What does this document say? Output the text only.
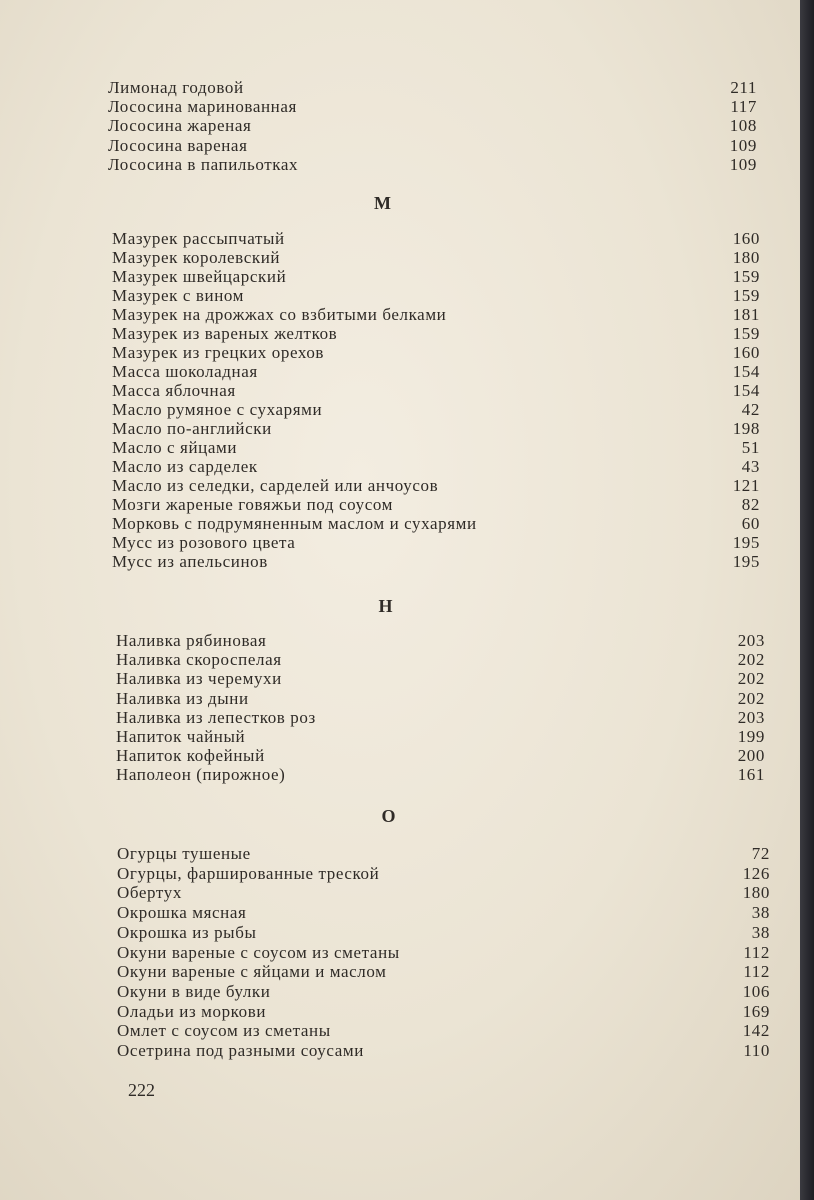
222
Лимонад годовой	211
Лососина маринованная	117
Лососина жареная	108
Лососина вареная	109
Лососина в папильотках	109
М
Мазурек рассыпчатый	160
Мазурек королевский	180
Мазурек швейцарский	159
Мазурек с вином	159
Мазурек на дрожжах со взбитыми белками	181
Мазурек из вареных желтков	159
Мазурек из грецких орехов	160
Масса шоколадная	154
Масса яблочная	154
Масло румяное с сухарями	42
Масло по-английски	198
Масло с яйцами	51
Масло из сарделек	43
Масло из селедки, сарделей или анчоусов	121
Мозги жареные говяжьи под соусом	82
Морковь с подрумяненным маслом и сухарями	60
Мусс из розового цвета	195
Мусс из апельсинов	195
Н
Наливка рябиновая	203
Наливка скороспелая	202
Наливка из черемухи	202
Наливка из дыни	202
Наливка из лепестков роз	203
Напиток чайный	199
Напиток кофейный	200
Наполеон (пирожное)	161
О
Огурцы тушеные	72
Огурцы, фаршированные треской	126
Обертух	180
Окрошка мясная	38
Окрошка из рыбы	38
Окуни вареные с соусом из сметаны	112
Окуни вареные с яйцами и маслом	112
Окуни в виде булки	106
Оладьи из моркови	169
Омлет с соусом из сметаны	142
Осетрина под разными соусами	110
